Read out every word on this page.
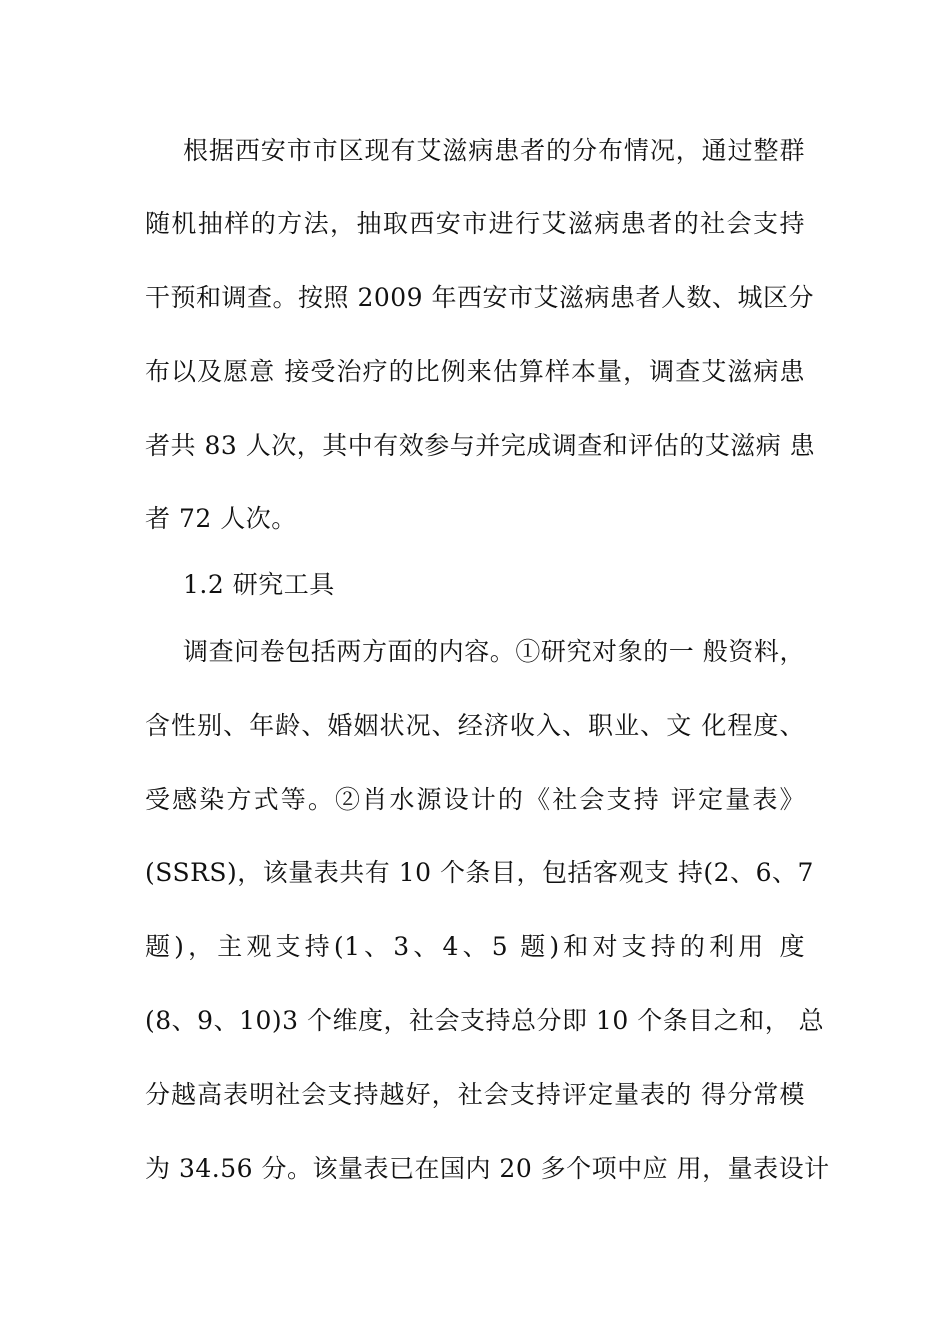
根据西安市市区现有艾滋病患者的分布情况，通过整群
随机抽样的方法，抽取西安市进行艾滋病患者的社会支持
干预和调查。按照 2009 年西安市艾滋病患者人数、城区分
布以及愿意 接受治疗的比例来估算样本量，调查艾滋病患
者共 83 人次，其中有效参与并完成调查和评估的艾滋病 患
者 72 人次。
1.2 研究工具
调查问卷包括两方面的内容。①研究对象的一 般资料，
含性别、年龄、婚姻状况、经济收入、职业、文 化程度、
受感染方式等。②肖水源设计的《社会支持 评定量表》
(SSRS)，该量表共有 10 个条目，包括客观支 持(2、6、7
题)，主观支持(1、3、4、5 题)和对支持的利用 度
(8、9、10)3 个维度，社会支持总分即 10 个条目之和， 总
分越高表明社会支持越好，社会支持评定量表的 得分常模
为 34.56 分。该量表已在国内 20 多个项中应 用，量表设计
